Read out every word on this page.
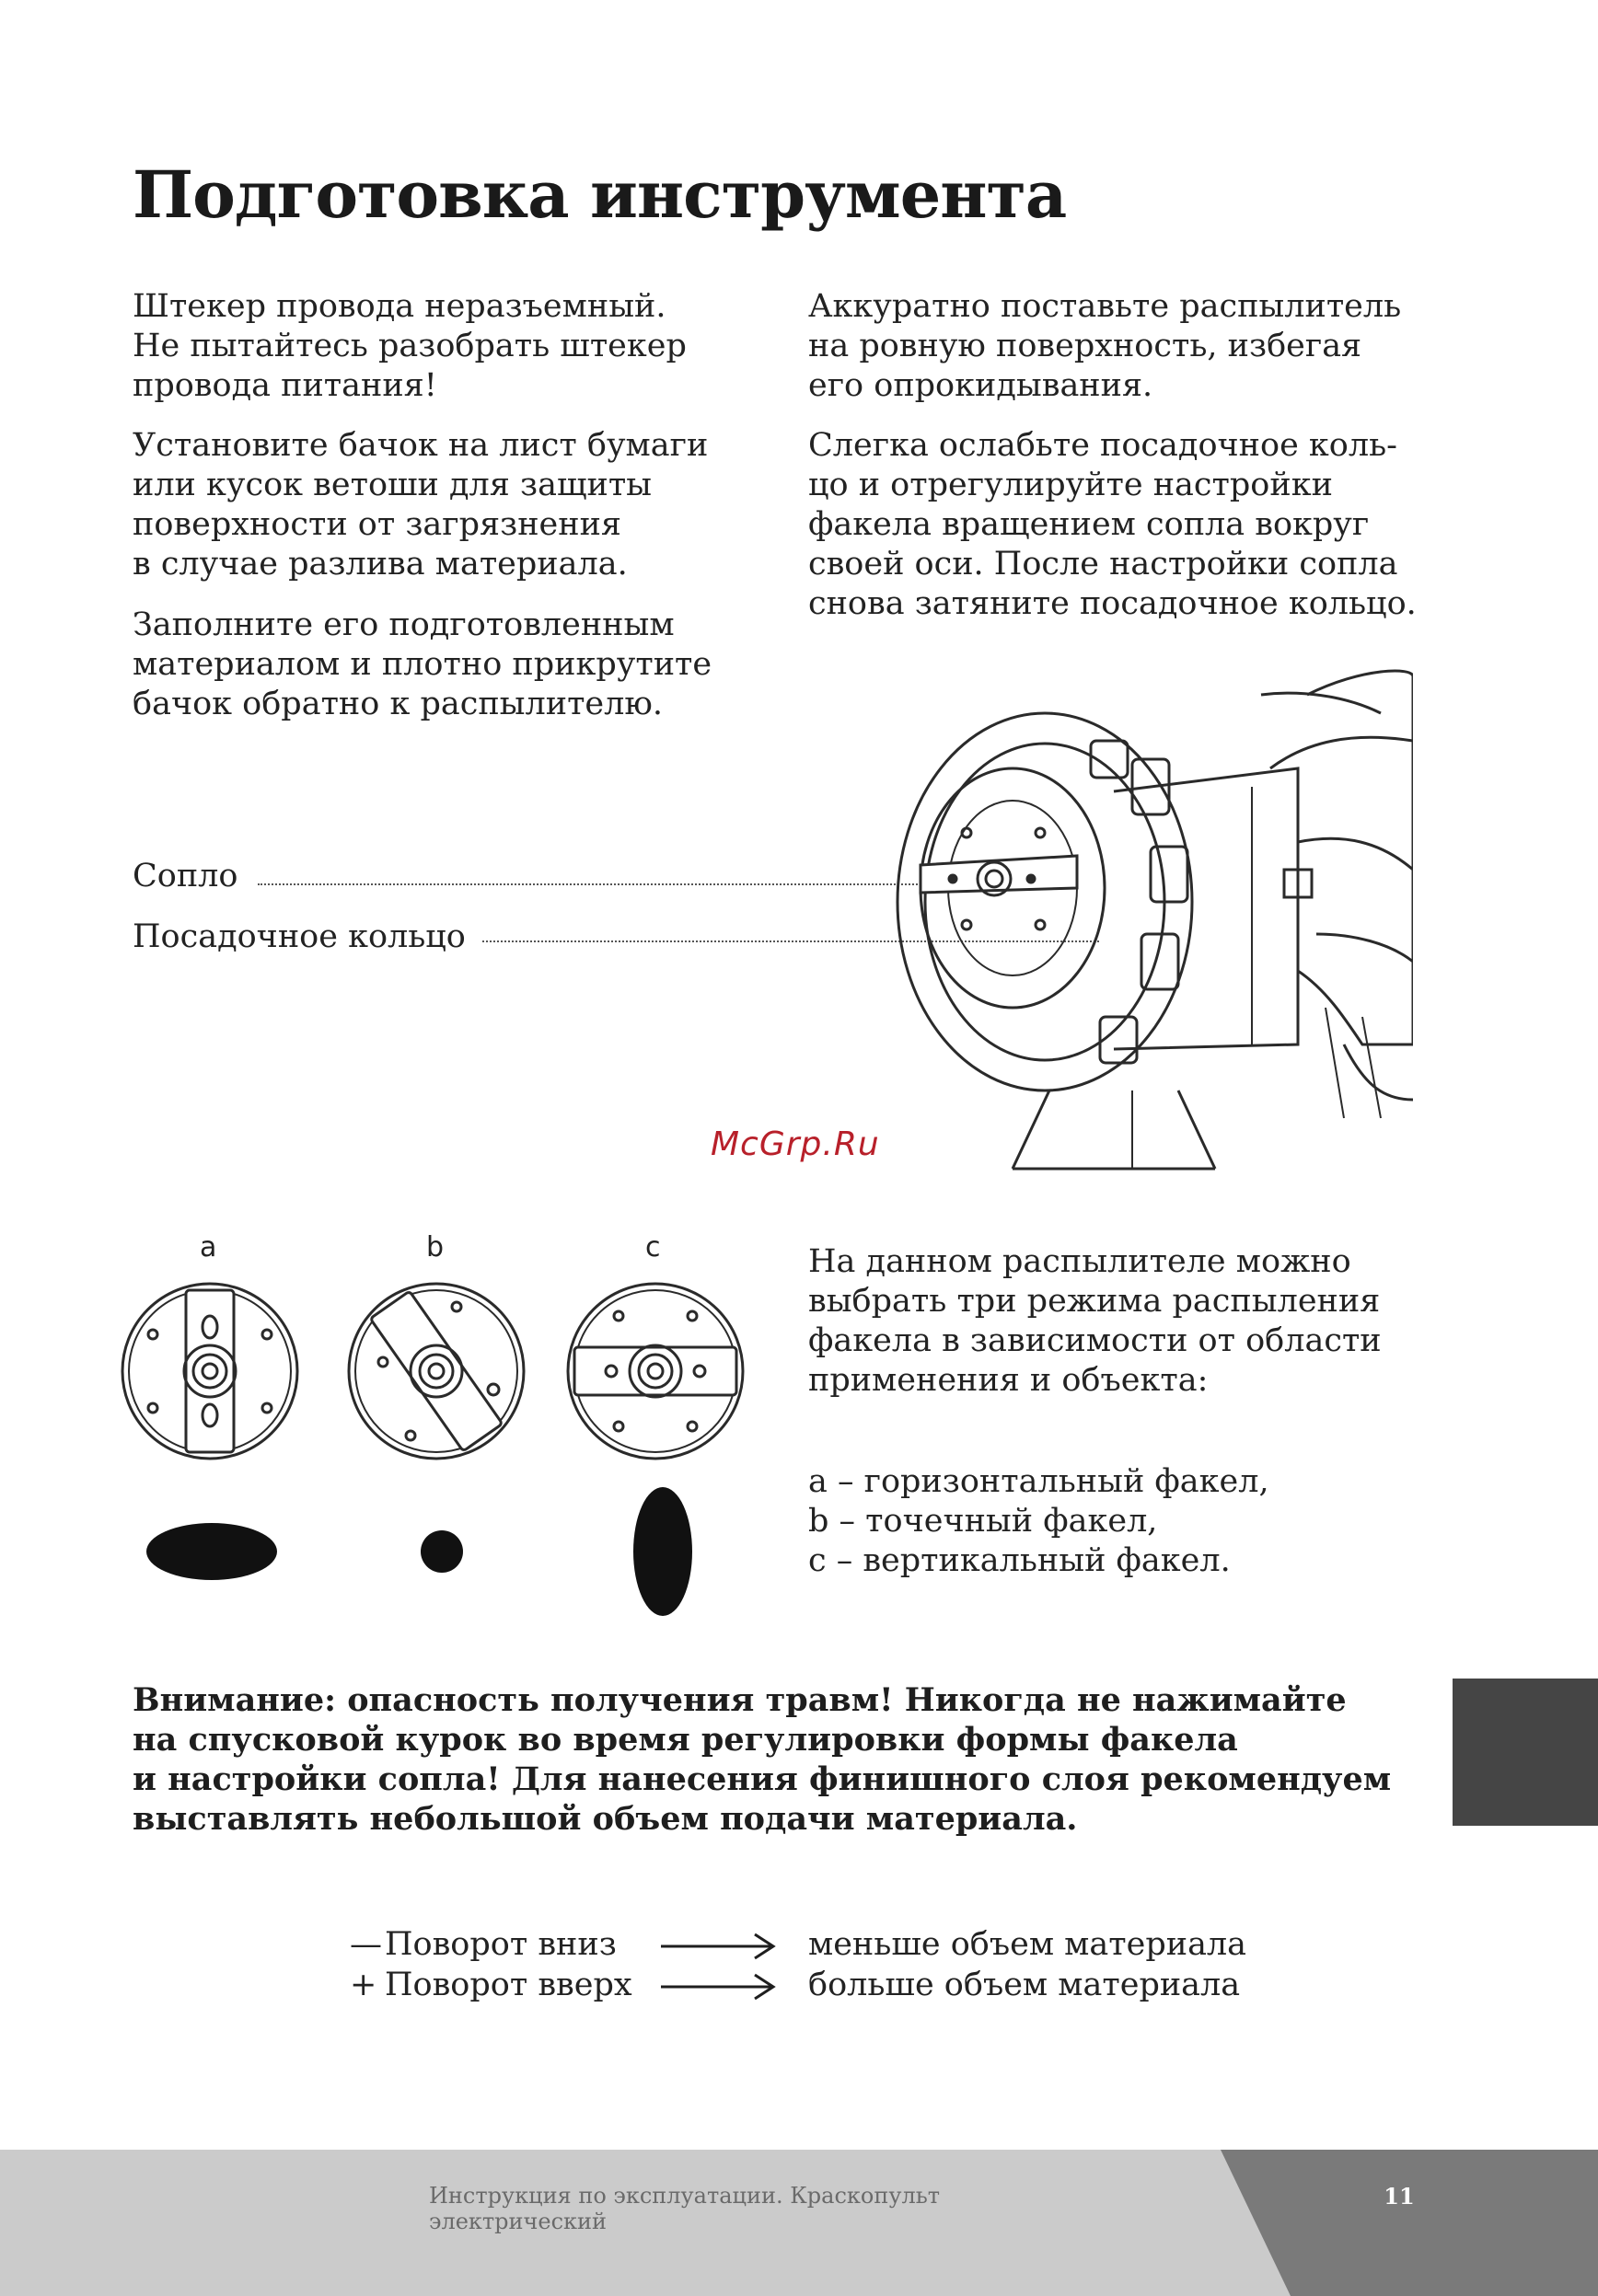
Подготовка инструмента

Штекер провода неразъемный.
Не пытайтесь разобрать штекер
провода питания!

Установите бачок на лист бумаги
или кусок ветоши для защиты
поверхности от загрязнения
в случае разлива материала.

Заполните его подготовленным
материалом и плотно прикрутите
бачок обратно к распылителю.

Аккуратно поставьте распылитель
на ровную поверхность, избегая
его опрокидывания.

Слегка ослабьте посадочное коль-
цо и отрегулируйте настройки
факела вращением сопла вокруг
своей оси. После настройки сопла
снова затяните посадочное кольцо.

Сопло
Посадочное кольцо
McGrp.Ru
a	b	c	На данном распылителе можно
выбрать три режима распыления
факела в зависимости от области
применения и объекта:

a – горизонтальный факел,
b – точечный факел,
c – вертикальный факел.

Внимание: опасность получения травм! Никогда не нажимайте
на спусковой курок во время регулировки формы факела
и настройки сопла! Для нанесения финишного слоя рекомендуем
выставлять небольшой объем подачи материала.

—Поворот вниз	меньше объем материала
+ Поворот вверх	больше объем материала
Инструкция по эксплуатации. Краскопульт электрический
11
